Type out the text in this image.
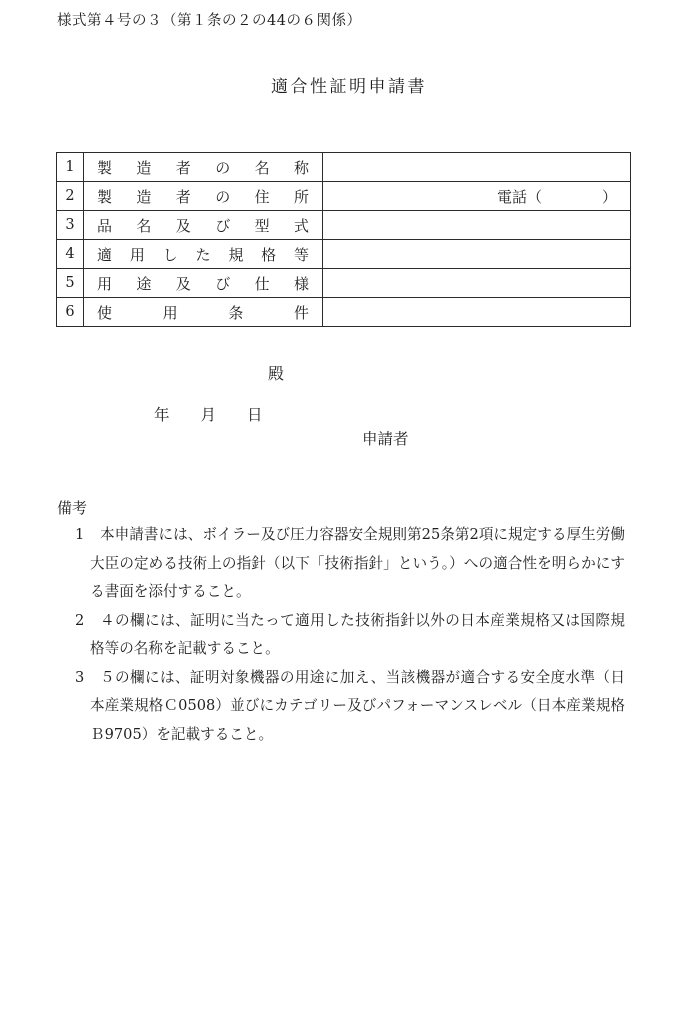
様式第４号の３（第１条の２の44の６関係）
適合性証明申請書
1	製造者の名称	
2	製造者の住所	電話（　　　　）
3	品名及び型式	
4	適用した規格等	
5	用途及び仕様	
6	使用条件	
殿
年　　月　　日
申請者
備考
1 本申請書には、ボイラー及び圧力容器安全規則第25条第2項に規定する厚生労働大臣の定める技術上の指針（以下「技術指針」という。）への適合性を明らかにする書面を添付すること。
2 ４の欄には、証明に当たって適用した技術指針以外の日本産業規格又は国際規格等の名称を記載すること。
3 ５の欄には、証明対象機器の用途に加え、当該機器が適合する安全度水準（日本産業規格Ｃ0508）並びにカテゴリー及びパフォーマンスレベル（日本産業規格Ｂ9705）を記載すること。
